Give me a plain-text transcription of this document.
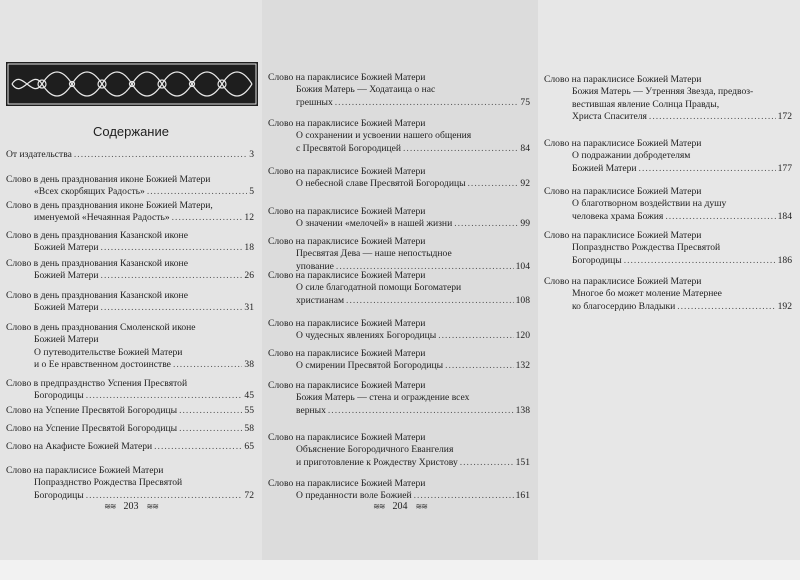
Содержание
От издательства .....	3
Слово в день празднования иконе Божией Матери
«Всех скорбящих Радость» .....	5
Слово в день празднования иконе Божией Матери,
именуемой «Нечаянная Радость» .....	12
Слово в день празднования Казанской иконе
Божией Матери .....	18
Слово в день празднования Казанской иконе
Божией Матери .....	26
Слово в день празднования Казанской иконе
Божией Матери .....	31
Слово в день празднования Смоленской иконе
Божией Матери
О путеводительстве Божией Матери
и о Ее нравственном достоинстве .....	38
Слово в предпразднство Успения Пресвятой
Богородицы .....	45
Слово на Успение Пресвятой Богородицы .....	55
Слово на Успение Пресвятой Богородицы .....	58
Слово на Акафисте Божией Матери .....	65
Слово на параклисисе Божией Матери
Попразднство Рождества Пресвятой
Богородицы .....	72
≋≋ 203 ≋≋
Слово на параклисисе Божией Матери
Божия Матерь — Ходатаица о нас
грешных .....	75
Слово на параклисисе Божией Матери
О сохранении и усвоении нашего общения
с Пресвятой Богородицей .....	84
Слово на параклисисе Божией Матери
О небесной славе Пресвятой Богородицы .....	92
Слово на параклисисе Божией Матери
О значении «мелочей» в нашей жизни .....	99
Слово на параклисисе Божией Матери
Пресвятая Дева — наше непостыдное
упование .....	104
Слово на параклисисе Божией Матери
О силе благодатной помощи Богоматери
христианам .....	108
Слово на параклисисе Божией Матери
О чудесных явлениях Богородицы .....	120
Слово на параклисисе Божией Матери
О смирении Пресвятой Богородицы .....	132
Слово на параклисисе Божией Матери
Божия Матерь — стена и ограждение всех
верных .....	138
Слово на параклисисе Божией Матери
Объяснение Богородичного Евангелия
и приготовление к Рождеству Христову .....	151
Слово на параклисисе Божией Матери
О преданности воле Божией .....	161
≋≋ 204 ≋≋
Слово на параклисисе Божией Матери
Божия Матерь — Утренняя Звезда, предвоз-
вестившая явление Солнца Правды,
Христа Спасителя .....	172
Слово на параклисисе Божией Матери
О подражании добродетелям
Божией Матери .....	177
Слово на параклисисе Божией Матери
О благотворном воздействии на душу
человека храма Божия .....	184
Слово на параклисисе Божией Матери
Попразднство Рождества Пресвятой
Богородицы .....	186
Слово на параклисисе Божией Матери
Многое бо может моление Матернее
ко благосердию Владыки .....	192
